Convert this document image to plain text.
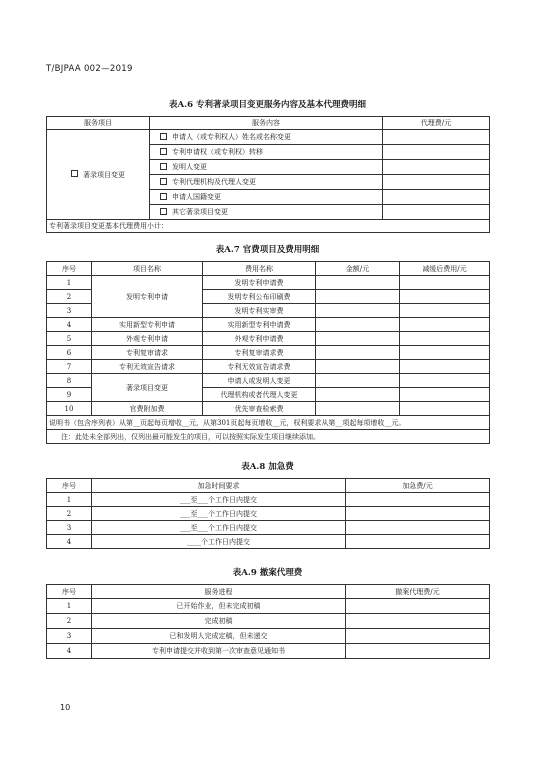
T/BJPAA 002—2019
表A.6 专利著录项目变更服务内容及基本代理费明细
服务项目	服务内容	代理费/元
著录项目变更	申请人（或专利权人）姓名或名称变更	
	专利申请权（或专利权）转移	
	发明人变更	
	专利代理机构及代理人变更	
	申请人国籍变更	
	其它著录项目变更	
专利著录项目变更基本代理费用小计：		
表A.7 官费项目及费用明细
序号	项目名称	费用名称	金额/元	减缓后费用/元
1	发明专利申请	发明专利申请费		
2		发明专利公布印刷费		
3		发明专利实审费		
4	实用新型专利申请	实用新型专利申请费		
5	外观专利申请	外观专利申请费		
6	专利复审请求	专利复审请求费		
7	专利无效宣告请求	专利无效宣告请求费		
8	著录项目变更	申请人或发明人变更		
9		代理机构或者代理人变更		
10	官费附加费	优先审查检索费		
说明书（包含序列表）从第__页起每页增收__元，从第301页起每页增收__元，权利要求从第__项起每项增收__元。				
注：此处未全部列出，仅列出最可能发生的项目，可以按照实际发生项目继续添加。				
表A.8 加急费
序号	加急时间要求	加急费/元
1	___至___个工作日内提交	
2	___至___个工作日内提交	
3	___至___个工作日内提交	
4	____个工作日内提交	
表A.9 撤案代理费
序号	服务进程	撤案代理费/元
1	已开始作业，但未完成初稿	
2	完成初稿	
3	已和发明人完成定稿，但未递交	
4	专利申请提交并收到第一次审查意见通知书	
10
